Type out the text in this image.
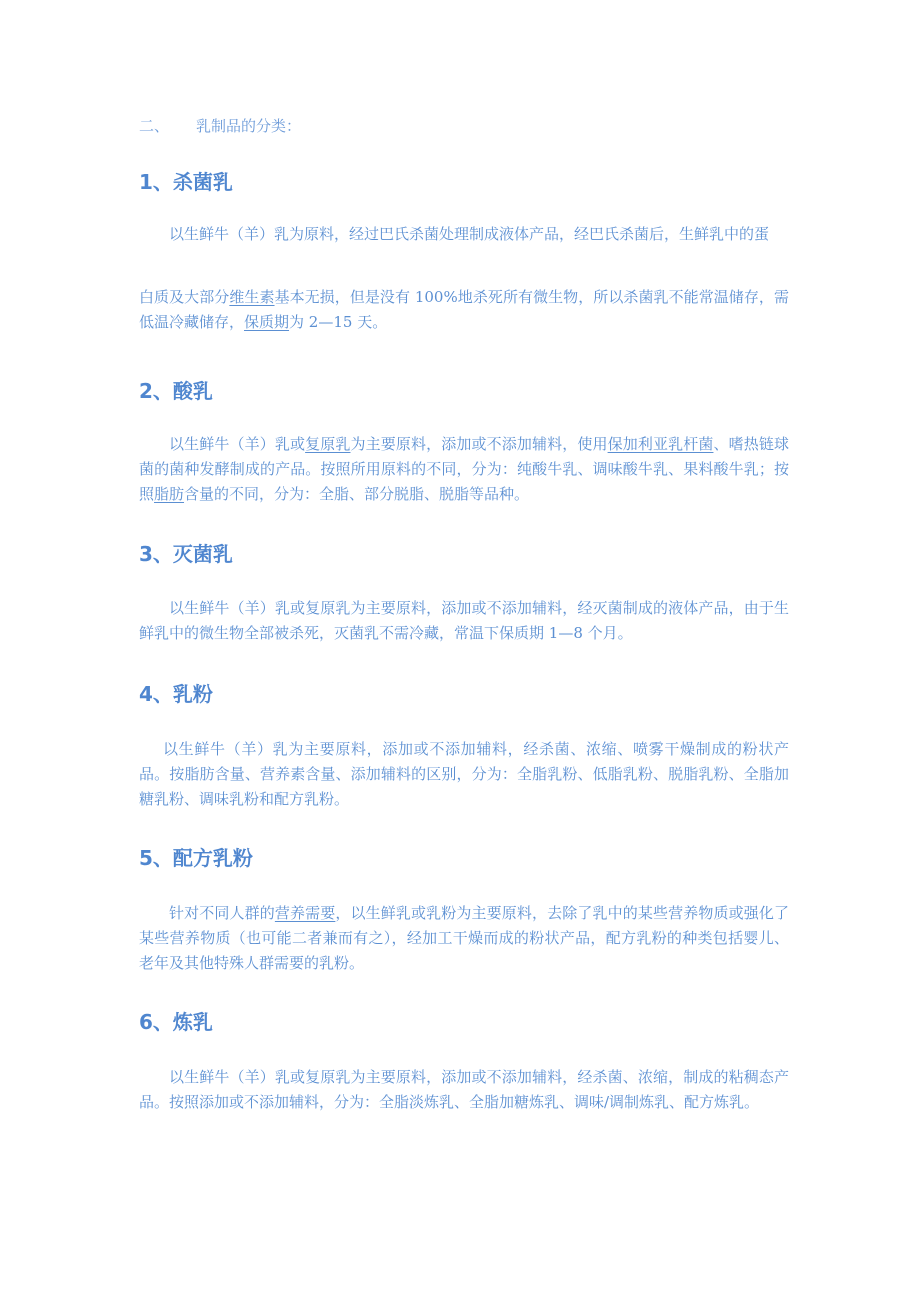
二、 乳制品的分类：
1、杀菌乳

以生鲜牛（羊）乳为原料，经过巴氏杀菌处理制成液体产品，经巴氏杀菌后，生鲜乳中的蛋

白质及大部分维生素基本无损，但是没有 100%地杀死所有微生物，所以杀菌乳不能常温储存，需低温冷藏储存，保质期为 2—15 天。

2、酸乳

以生鲜牛（羊）乳或复原乳为主要原料，添加或不添加辅料，使用保加利亚乳杆菌、嗜热链球菌的菌种发酵制成的产品。按照所用原料的不同，分为：纯酸牛乳、调味酸牛乳、果料酸牛乳；按照脂肪含量的不同，分为：全脂、部分脱脂、脱脂等品种。

3、灭菌乳

以生鲜牛（羊）乳或复原乳为主要原料，添加或不添加辅料，经灭菌制成的液体产品，由于生鲜乳中的微生物全部被杀死，灭菌乳不需冷藏，常温下保质期 1—8 个月。

4、乳粉

以生鲜牛（羊）乳为主要原料，添加或不添加辅料，经杀菌、浓缩、喷雾干燥制成的粉状产品。按脂肪含量、营养素含量、添加辅料的区别，分为：全脂乳粉、低脂乳粉、脱脂乳粉、全脂加糖乳粉、调味乳粉和配方乳粉。

5、配方乳粉

针对不同人群的营养需要，以生鲜乳或乳粉为主要原料，去除了乳中的某些营养物质或强化了某些营养物质（也可能二者兼而有之），经加工干燥而成的粉状产品，配方乳粉的种类包括婴儿、老年及其他特殊人群需要的乳粉。

6、炼乳

以生鲜牛（羊）乳或复原乳为主要原料，添加或不添加辅料，经杀菌、浓缩，制成的粘稠态产品。按照添加或不添加辅料，分为：全脂淡炼乳、全脂加糖炼乳、调味/调制炼乳、配方炼乳。
